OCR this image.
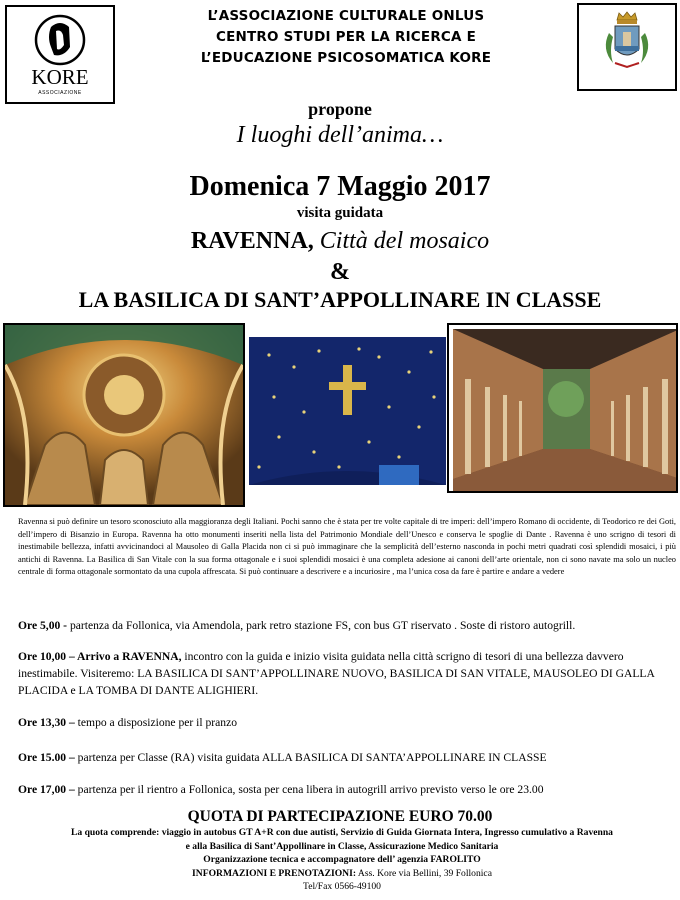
KORE
ASSOCIAZIONE
L’ASSOCIAZIONE CULTURALE ONLUS
CENTRO STUDI PER LA RICERCA E
L’EDUCAZIONE PSICOSOMATICA KORE
propone
I luoghi dell’anima…
Domenica 7 Maggio 2017
visita guidata
RAVENNA, Città del mosaico
&
LA BASILICA DI SANT’APPOLLINARE IN CLASSE
Ravenna si può definire un tesoro sconosciuto alla maggioranza degli Italiani. Pochi sanno che è stata per tre volte capitale di tre imperi: dell’impero Romano di occidente, di Teodorico re dei Goti, dell’impero di Bisanzio in Europa. Ravenna ha otto monumenti inseriti nella lista del Patrimonio Mondiale dell’Unesco e conserva le spoglie di Dante . Ravenna è uno scrigno di tesori di inestimabile bellezza, infatti avvicinandoci al Mausoleo di Galla Placida non ci si può immaginare che la semplicità dell’esterno nasconda in pochi metri quadrati così splendidi mosaici, i più antichi di Ravenna. La Basilica di San Vitale con la sua forma ottagonale e i suoi splendidi mosaici è una completa adesione ai canoni dell’arte orientale, non ci sono navate ma solo un nucleo centrale di forma ottagonale sormontato da una cupola affrescata. Si può continuare a descrivere e a incuriosire , ma l’unica cosa da fare è partire e andare a vedere
Ore 5,00 - partenza da Follonica, via Amendola, park retro stazione FS, con bus GT riservato . Soste di ristoro autogrill.
Ore 10,00 – Arrivo a RAVENNA, incontro con la guida e inizio visita guidata nella città scrigno di tesori di una bellezza davvero inestimabile. Visiteremo: LA BASILICA DI SANT’APPOLLINARE NUOVO, BASILICA DI SAN VITALE, MAUSOLEO DI GALLA PLACIDA e LA TOMBA DI DANTE ALIGHIERI.
Ore 13,30 – tempo a disposizione per il pranzo
Ore 15.00 – partenza per Classe (RA) visita guidata ALLA BASILICA DI SANTA’APPOLLINARE IN CLASSE
Ore 17,00 – partenza per il rientro a Follonica, sosta per cena libera in autogrill arrivo previsto verso le ore 23.00
QUOTA DI PARTECIPAZIONE EURO 70.00
La quota comprende: viaggio in autobus GT A+R con due autisti, Servizio di Guida Giornata Intera, Ingresso cumulativo a Ravenna
e alla Basilica di Sant’Appollinare in Classe, Assicurazione Medico Sanitaria
Organizzazione tecnica e accompagnatore dell’ agenzia FAROLITO
INFORMAZIONI E PRENOTAZIONI: Ass. Kore via Bellini, 39 Follonica
Tel/Fax 0566-49100
